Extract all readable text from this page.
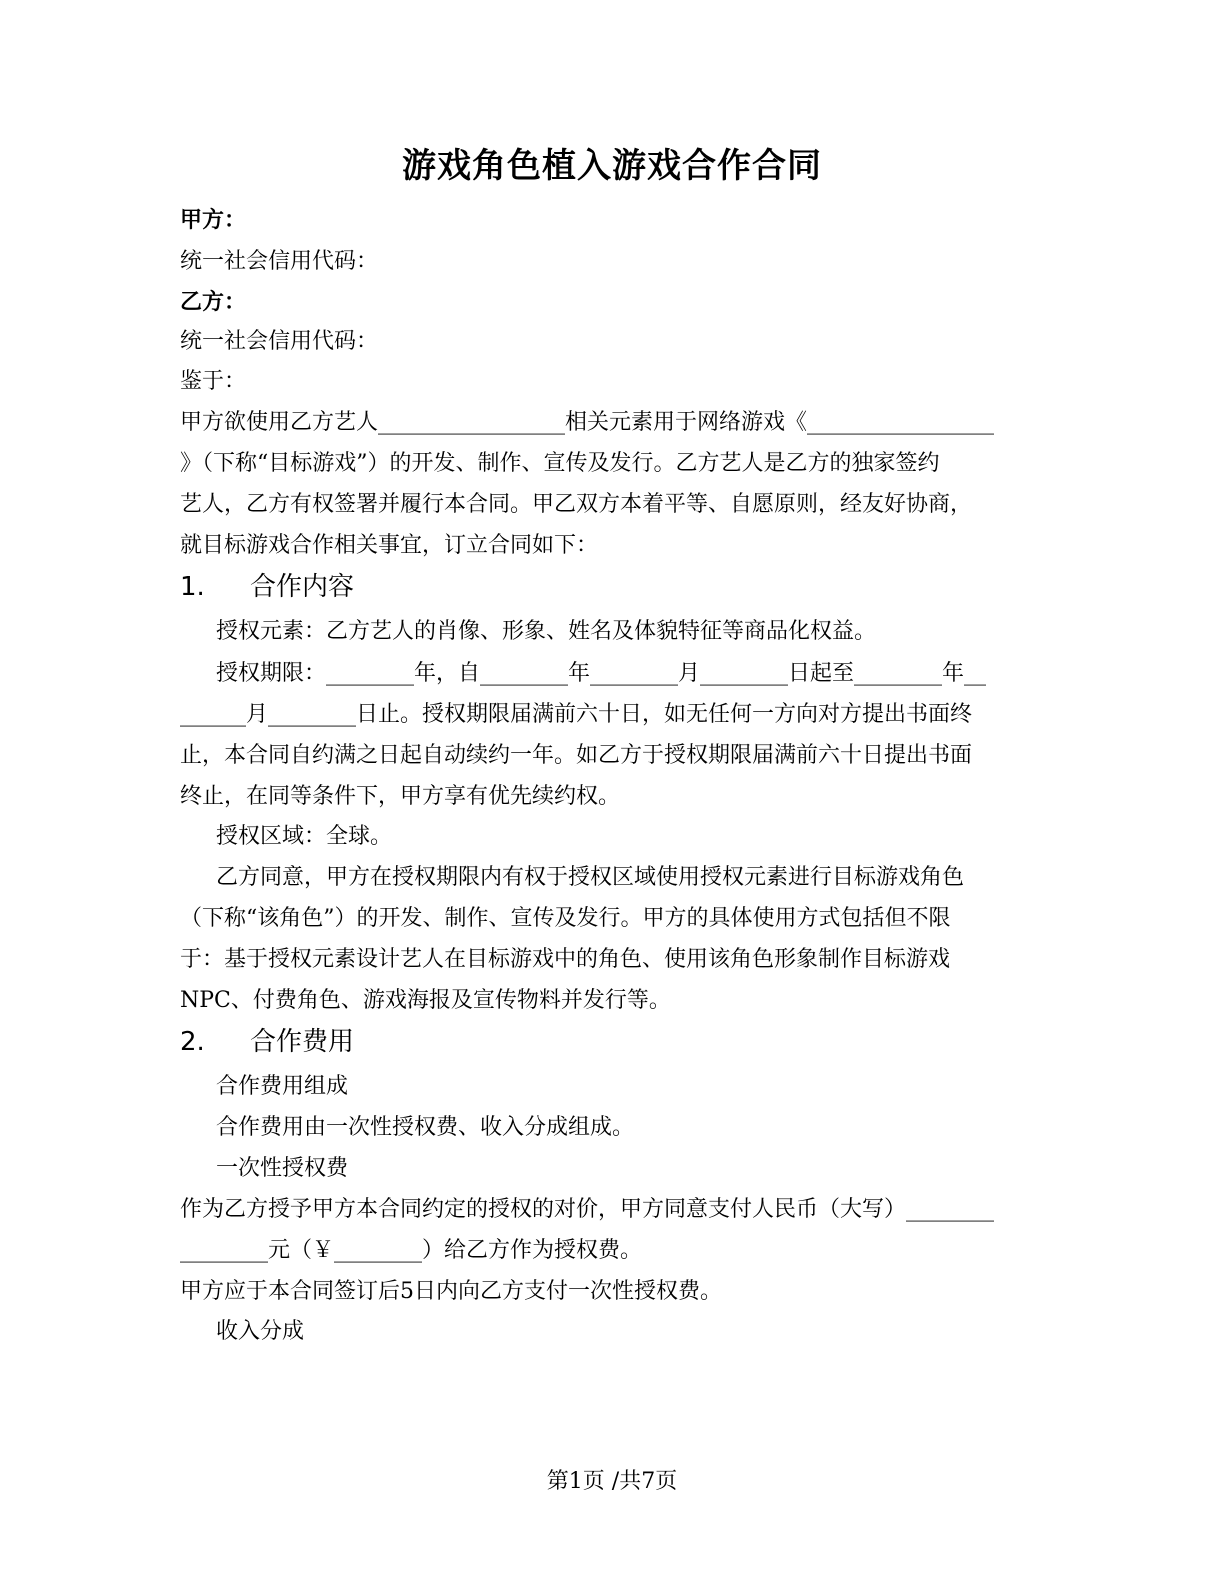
游戏角色植入游戏合作合同
甲方：
统一社会信用代码：
乙方：
统一社会信用代码：
鉴于：
甲方欲使用乙方艺人_________________相关元素用于网络游戏《_________________
》（下称“目标游戏”）的开发、制作、宣传及发行。乙方艺人是乙方的独家签约
艺人，乙方有权签署并履行本合同。甲乙双方本着平等、自愿原则，经友好协商，
就目标游戏合作相关事宜，订立合同如下：
1. 合作内容
授权元素：乙方艺人的肖像、形象、姓名及体貌特征等商品化权益。
授权期限：________年，自________年________月________日起至________年__
______月________日止。授权期限届满前六十日，如无任何一方向对方提出书面终
止，本合同自约满之日起自动续约一年。如乙方于授权期限届满前六十日提出书面
终止，在同等条件下，甲方享有优先续约权。
授权区域：全球。
乙方同意，甲方在授权期限内有权于授权区域使用授权元素进行目标游戏角色
（下称“该角色”）的开发、制作、宣传及发行。甲方的具体使用方式包括但不限
于：基于授权元素设计艺人在目标游戏中的角色、使用该角色形象制作目标游戏
NPC、付费角色、游戏海报及宣传物料并发行等。
2. 合作费用
合作费用组成
合作费用由一次性授权费、收入分成组成。
一次性授权费
作为乙方授予甲方本合同约定的授权的对价，甲方同意支付人民币（大写）________
________元（￥________）给乙方作为授权费。
甲方应于本合同签订后5日内向乙方支付一次性授权费。
收入分成
第1页 /共7页
